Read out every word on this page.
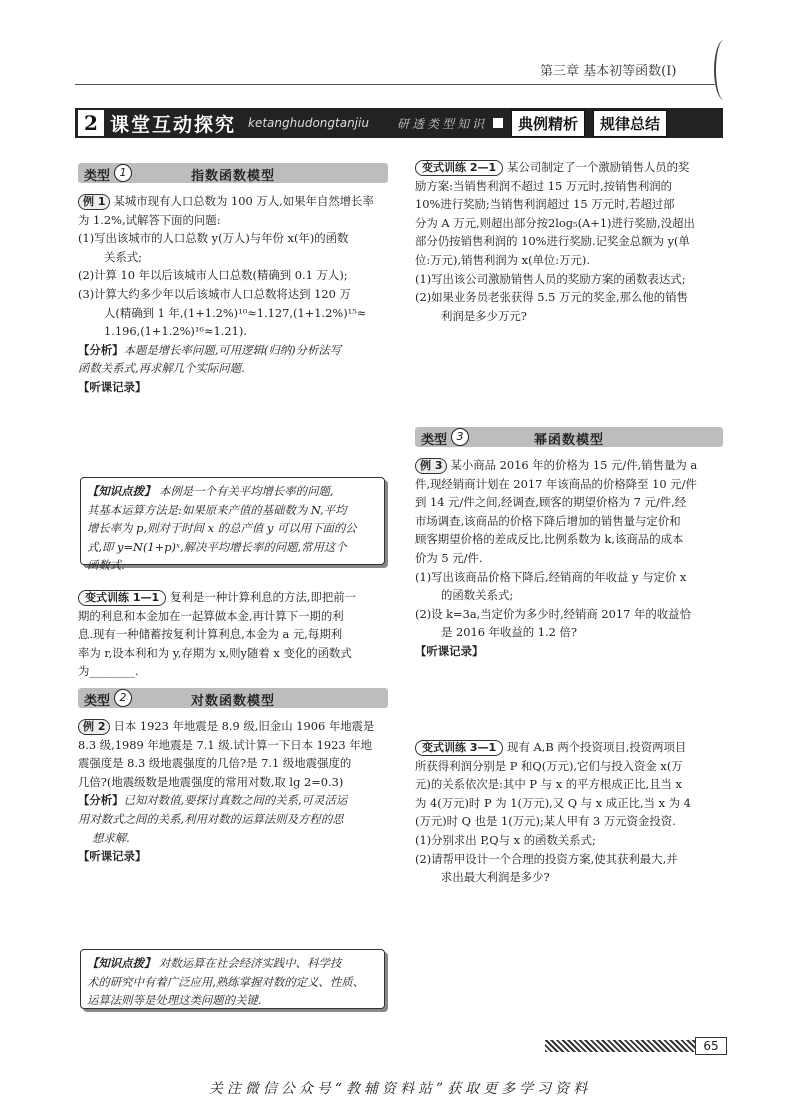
第三章 基本初等函数(Ⅰ)
2 课堂互动探究 ketanghudongtanjiu 研透类型知识	典例精析	规律总结
类型 1	指数函数模型

例 1 某城市现有人口总数为 100 万人,如果年自然增长率

为 1.2%,试解答下面的问题:

(1)写出该城市的人口总数 y(万人)与年份 x(年)的函数

关系式;

(2)计算 10 年以后该城市人口总数(精确到 0.1 万人);

(3)计算大约多少年以后该城市人口总数将达到 120 万

人(精确到 1 年,(1+1.2%)¹⁰≈1.127,(1+1.2%)¹⁵≈

1.196,(1+1.2%)¹⁶≈1.21).

【分析】本题是增长率问题,可用逻辑(归纳)分析法写

函数关系式,再求解几个实际问题.

【听课记录】

【知识点拨】 本例是一个有关平均增长率的问题,

其基本运算方法是:如果原来产值的基础数为 N,平均

增长率为 p,则对于时间 x 的总产值 y 可以用下面的公

式,即 y=N(1+p)ˣ,解决平均增长率的问题,常用这个

函数式.

变式训练 1—1 复利是一种计算利息的方法,即把前一

期的利息和本金加在一起算做本金,再计算下一期的利

息.现有一种储蓄按复利计算利息,本金为 a 元,每期利

率为 r,设本利和为 y,存期为 x,则y随着 x 变化的函数式

为________.

类型 2	对数函数模型

例 2 日本 1923 年地震是 8.9 级,旧金山 1906 年地震是

8.3 级,1989 年地震是 7.1 级.试计算一下日本 1923 年地

震强度是 8.3 级地震强度的几倍?是 7.1 级地震强度的

几倍?(地震级数是地震强度的常用对数,取 lg 2=0.3)

【分析】已知对数值,要探讨真数之间的关系,可灵活运

用对数式之间的关系,利用对数的运算法则及方程的思

想求解.

【听课记录】

【知识点拨】 对数运算在社会经济实践中、科学技

术的研究中有着广泛应用,熟练掌握对数的定义、性质、

运算法则等是处理这类问题的关键.

变式训练 2—1 某公司制定了一个激励销售人员的奖

励方案:当销售利润不超过 15 万元时,按销售利润的

10%进行奖励;当销售利润超过 15 万元时,若超过部

分为 A 万元,则超出部分按2log₅(A+1)进行奖励,没超出

部分仍按销售利润的 10%进行奖励.记奖金总额为 y(单

位:万元),销售利润为 x(单位:万元).

(1)写出该公司激励销售人员的奖励方案的函数表达式;

(2)如果业务员老张获得 5.5 万元的奖金,那么他的销售

利润是多少万元?

类型 3	幂函数模型

例 3 某小商品 2016 年的价格为 15 元/件,销售量为 a

件,现经销商计划在 2017 年该商品的价格降至 10 元/件

到 14 元/件之间,经调查,顾客的期望价格为 7 元/件,经

市场调查,该商品的价格下降后增加的销售量与定价和

顾客期望价格的差成反比,比例系数为 k,该商品的成本

价为 5 元/件.

(1)写出该商品价格下降后,经销商的年收益 y 与定价 x

的函数关系式;

(2)设 k=3a,当定价为多少时,经销商 2017 年的收益恰

是 2016 年收益的 1.2 倍?

【听课记录】

变式训练 3—1 现有 A,B 两个投资项目,投资两项目

所获得利润分别是 P 和Q(万元),它们与投入资金 x(万

元)的关系依次是:其中 P 与 x 的平方根成正比,且当 x

为 4(万元)时 P 为 1(万元),又 Q 与 x 成正比,当 x 为 4

(万元)时 Q 也是 1(万元);某人甲有 3 万元资金投资.

(1)分别求出 P,Q与 x 的函数关系式;

(2)请帮甲设计一个合理的投资方案,使其获利最大,并

求出最大利润是多少?

65
关注微信公众号“教辅资料站”获取更多学习资料
